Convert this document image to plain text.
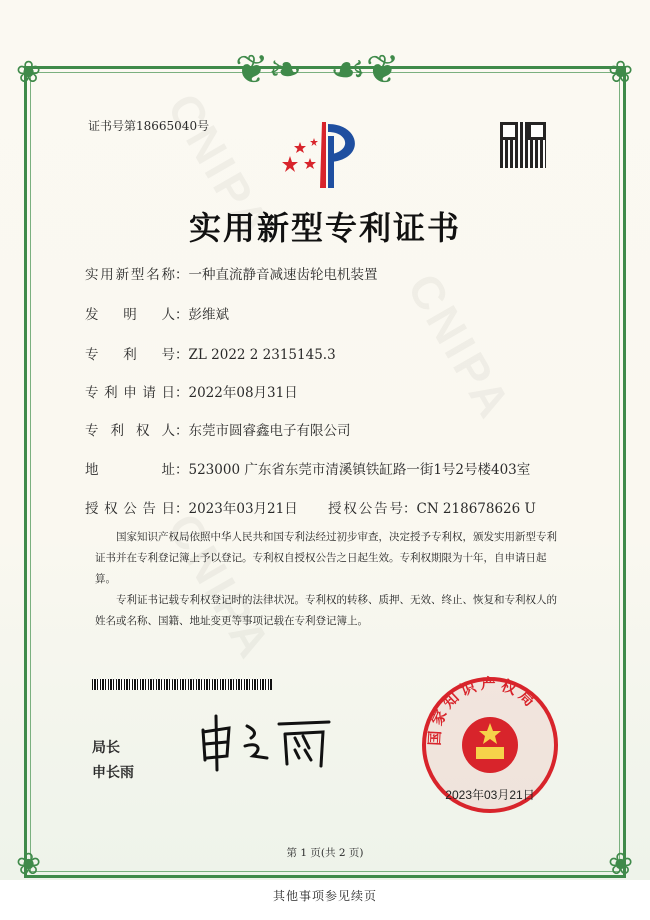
❦❧ ☙❦
❀	❀
❀	❀
证书号第18665040号
实用新型专利证书
实用新型名称：一种直流静音减速齿轮电机装置
发明人：彭维斌
专利号：ZL 2022 2 2315145.3
专利申请日：2022年08月31日
专利权人：东莞市圆睿鑫电子有限公司
地址：523000 广东省东莞市清溪镇铁缸路一街1号2号楼403室
授权公告日：2023年03月21日 授权公告号：CN 218678626 U
国家知识产权局依照中华人民共和国专利法经过初步审查，决定授予专利权，颁发实用新型专利证书并在专利登记簿上予以登记。专利权自授权公告之日起生效。专利权期限为十年，自申请日起算。
专利证书记载专利权登记时的法律状况。专利权的转移、质押、无效、终止、恢复和专利权人的姓名或名称、国籍、地址变更等事项记载在专利登记簿上。
局长
申长雨
国家知识产权局
2023年03月21日
第 1 页(共 2 页)
其他事项参见续页
